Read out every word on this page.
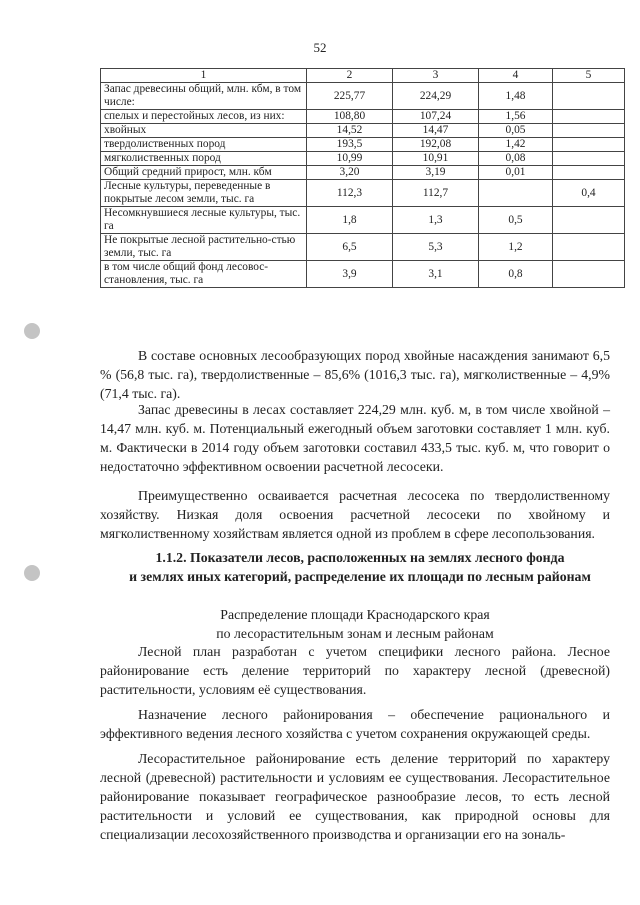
52
1	2	3	4	5
Запас древесины общий, млн. кбм, в том числе:	225,77	224,29	1,48	
спелых и перестойных лесов, из них:	108,80	107,24	1,56	
хвойных	14,52	14,47	0,05	
твердолиственных пород	193,5	192,08	1,42	
мягколиственных пород	10,99	10,91	0,08	
Общий средний прирост, млн. кбм	3,20	3,19	0,01	
Лесные культуры, переведенные в покрытые лесом земли, тыс. га	112,3	112,7		0,4
Несомкнувшиеся лесные культуры, тыс. га	1,8	1,3	0,5	
Не покрытые лесной растительно-стью земли, тыс. га	6,5	5,3	1,2	
в том числе общий фонд лесовос-становления, тыс. га	3,9	3,1	0,8	

В составе основных лесообразующих пород хвойные насаждения занимают 6,5 % (56,8 тыс. га), твердолиственные – 85,6% (1016,3 тыс. га), мягколиственные – 4,9% (71,4 тыс. га).

Запас древесины в лесах составляет 224,29 млн. куб. м, в том числе хвойной – 14,47 млн. куб. м. Потенциальный ежегодный объем заготовки составляет 1 млн. куб. м. Фактически в 2014 году объем заготовки составил 433,5 тыс. куб. м, что говорит о недостаточно эффективном освоении расчетной лесосеки.

Преимущественно осваивается расчетная лесосека по твердолиственному хозяйству. Низкая доля освоения расчетной лесосеки по хвойному и мягколиственному хозяйствам является одной из проблем в сфере лесопользования.

1.1.2. Показатели лесов, расположенных на землях лесного фонда
и землях иных категорий, распределение их площади по лесным районам
Распределение площади Краснодарского края
по лесорастительным зонам и лесным районам

Лесной план разработан с учетом специфики лесного района. Лесное районирование есть деление территорий по характеру лесной (древесной) растительности, условиям её существования.

Назначение лесного районирования – обеспечение рационального и эффективного ведения лесного хозяйства с учетом сохранения окружающей среды.

Лесорастительное районирование есть деление территорий по характеру лесной (древесной) растительности и условиям ее существования. Лесорастительное районирование показывает географическое разнообразие лесов, то есть лесной растительности и условий ее существования, как природной основы для специализации лесохозяйственного производства и организации его на зональ-
